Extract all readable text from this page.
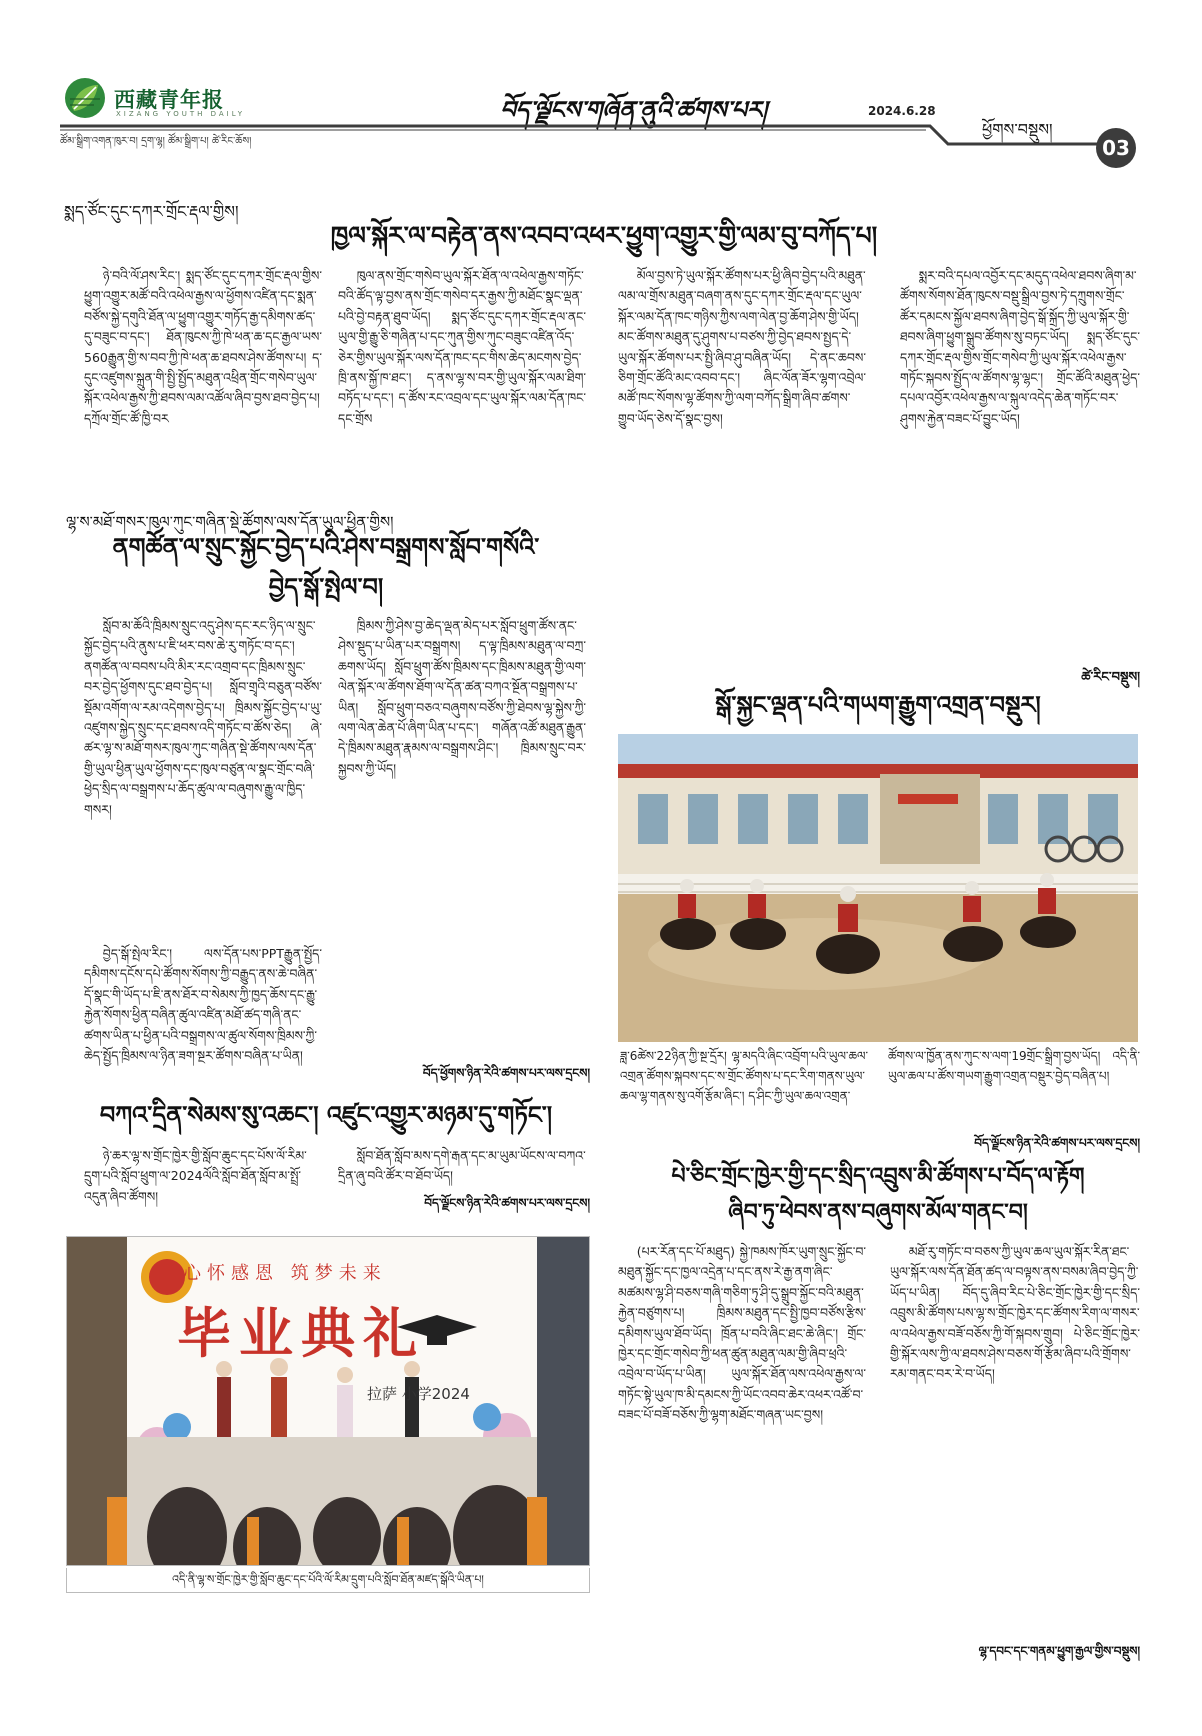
西藏青年报
XIZANG YOUTH DAILY	བོད་ལྗོངས་གཞོན་ནུའི་ཚགས་པར།	2024.6.28
ཕྱོགས་བསྡུས།
ཚོམ་སྒྲིག་འགན་ཁུར་བ། དྲག་ལྷ། ཚོམ་སྒྲིག་པ། ཚེ་རིང་ཆོས།	03
སྨད་ཙོང་དུང་དཀར་གྲོང་རྡལ་གྱིས།
ཁྱལ་སྐོར་ལ་བརྟེན་ནས་འབབ་འཕར་ཕྱུག་འགྱུར་གྱི་ལམ་བུ་བཀོད་པ།

ཉེ་བའི་ལོ་ཤས་རིང་། སྨད་ཙོང་དུང་དཀར་གྲོང་རྡལ་གྱིས་ཕྱུག་འགྱུར་མཚོ་བའི་འཕེལ་རྒྱས་ལ་ཕྱོགས་འཛིན་དང་སྨན་བཙོས་སྐྱེ་དགུའི་ཐོན་ལ་ཕྱུག་འགྱུར་གཏོད་རྒྱ་དམིགས་ཚད་དུ་བཟུང་བ་དང་། ཐོན་ཁུངས་ཀྱི་ཁེ་ཕན་ཆ་དང་རྒྱལ་ཡས་560རྒྱུན་གྱི་ས་བབ་ཀྱི་ཁེ་ཕན་ཆ་ཐབས་ཤེས་ཚོགས་པ། ད་དུང་འཛུགས་སྐྲུན་གི་སྤྱི་སྤྱོད་མཐུན་འཕྲིན་གྲོང་གསེབ་ཡུལ་སྐོར་འཕེལ་རྒྱས་ཀྱི་ཐབས་ལམ་འཚོལ་ཞིབ་བྱས་ཐབ་བྱེད་པ། དཀྲོལ་གྲོང་ཚོ་ཁྱི་བར

ཁུལ་ནས་གྲོང་གསེབ་ཡུལ་སྐོར་ཐོན་ལ་འཕེལ་རྒྱས་གཏོང་བའི་ཚོད་ལྟ་བྱས་ནས་གྲོང་གསེབ་དར་རྒྱས་ཀྱི་མཐོང་སྣང་ལྡན་པའི་བྱེ་བརྟན་ཐུབ་ཡོད། སྨད་ཙོང་དུང་དཀར་གྲོང་རྡལ་ནང་ཡུལ་གྱི་རྒྱུ་ཅི་གཞིན་པ་དང་ཀུན་གྱིས་ཀུང་བཟུང་འཛིན་འོད་ཅེར་གྱིས་ཡུལ་སྐོར་ལས་དོན་ཁང་དང་གིས་ཆེད་མངགས་བྱེད་ཁྲི་ནས་སྐྱོ་ཁ་ཐང་། ད་ནས་ལྷ་ས་བར་གྱི་ཡུལ་སྐོར་ལམ་ཐིག་བཏོད་པ་དང་། ད་ཚོས་རང་འབྲལ་དང་ཡུལ་སྐོར་ལམ་དོན་ཁང་དང་གྲོས

མོལ་བྱས་ཏེ་ཡུལ་སྐོར་ཚོགས་པར་ཕྱི་ཞིབ་བྱེད་པའི་མཐུན་ལམ་ལ་གྲོས་མཐུན་བཞག་ནས་དུང་དཀར་གྲོང་རྡལ་དང་ཡུལ་སྐོར་ལམ་དོན་ཁང་གཉིས་ཀྱིས་ལག་ལེན་བྱ་ཆོག་ཤེས་གྱི་ཡོད། མང་ཚོགས་མཐུན་དུ་ཤུགས་པ་བཙས་ཀྱི་བྱེད་ཐབས་སྤྱད་དེ་ཡུལ་སྐོར་ཚོགས་པར་སྤྱི་ཞིབ་ཤུ་བཞིན་ཡོད། དེ་ནང་ཆབས་ཅིག་གྲོང་ཚོའི་མང་འབབ་དང་། ཞིང་ལོན་ཟོར་ལྷག་འབྲེལ་མཚོ་ཁང་སོགས་ལྷ་ཚོགས་ཀྱི་ལག་བཀོད་སྒྲིག་ཞིབ་ཚགས་གྱུབ་ཡོད་ཅེས་དོ་སྣང་བྱས།

སྨར་བའི་དཔལ་འབྱོར་དང་མདུད་འཕེལ་ཐབས་ཞིག་མ་ཚོགས་སོགས་ཐོན་ཁུངས་བསྡུ་སྒྲིལ་བྱས་ཏེ་དཀྲུགས་གྲོང་ཚོར་དམངས་སྐྱོལ་ཐབས་ཞིག་བྱེད་སྒོ་སྐྲོད་ཀྱི་ཡུལ་སྐོར་གྱི་ཐབས་ཞིག་ཕྱུག་སྒྲུབ་ཚོགས་སུ་བཏང་ཡོད། སྨད་ཙོང་དུང་དཀར་གྲོང་རྡལ་གྱིས་གྲོང་གསེབ་ཀྱི་ཡུལ་སྐོར་འཕེལ་རྒྱས་གཏོང་སྐབས་སྤྱོད་ལ་ཚོགས་ལྷ་ལྷང་། གྲོང་ཚོའི་མཐུན་ཕྱེད་དཔལ་འབྱོར་འཕེལ་རྒྱས་ལ་སྐུལ་འདེད་ཆེན་གཏོང་བར་ཤུགས་རྐྱེན་བཟང་པོ་བྱུང་ཡོད།

ཚེ་རིང་བསྡུས།
ལྷ་ས་མཐོ་གསར་ཁུལ་ཀུང་གཞིན་སྡེ་ཚོགས་ལས་དོན་ཡུལ་ཕྱིན་གྱིས།
ནགཚོན་ལ་སྲུང་སྐྱོང་བྱེད་པའི་ཤེས་བསྒྲགས་སློབ་གསོའི་
བྱེད་སྒོ་སྤེལ་བ།

སློབ་མ་ཆོའི་ཁྲིམས་སྲུང་འདུ་ཤེས་དང་རང་ཉིད་ལ་སྲུང་སྐྱོང་བྱེད་པའི་ནུས་པ་ཇི་ཕར་བས་ཆེ་རུ་གཏོང་བ་དང་། ནགཚོན་ལ་བབས་པའི་མིར་རང་འགྲབ་དང་ཁྲིམས་སྲུང་བར་བྱེད་ཕྱོགས་དུང་ཐབ་བྱེད་པ། སློབ་གྲྭའི་བཅུན་བཙོས་སྡོམ་འགོག་ལ་རམ་འདེགས་བྱེད་པ། ཁྲིམས་སྐྱོང་བྱེད་པ་ཡུ་འཛུགས་སྐྱེད་སྲུང་དང་ཐབས་འདི་གཏོང་བ་ཚོས་ཅེད། ཞེ་ཚར་ལྷ་ས་མཐོ་གསར་ཁུལ་ཀུང་གཞིན་སྡེ་ཚོགས་ལས་དོན་གྱི་ཡུལ་ཕྱིན་ཡུལ་ཕྱོགས་དང་ཁུལ་བཙུན་ལ་སྣང་གྲོང་བཞི་ཕྱེད་སྲིད་ལ་བསྒྲགས་པ་ཆོད་ཚུལ་ལ་བཞུགས་རྒྱུ་ལ་ཁྱིད་གསར།

བྱེད་སྒོ་སྤེལ་རིང་། ལས་དོན་པས་PPTརྒྱུན་སྤྱོད་དམིགས་དངོས་དཔེ་ཚོགས་སོགས་ཀྱི་བརྒྱུད་ནས་ཆེ་བཞིན་དོ་སྣང་གི་ཡོད་པ་ཇི་ནས་ཐོར་བ་སེམས་ཀྱི་ཁྱད་ཆོས་དང་རྒྱུ་རྐྱེན་སོགས་ཕྱིན་བཞིན་ཚུལ་འཛིན་མཐོ་ཚད་གཞི་ནང་ཚགས་ཡིན་པ་ཕྱིན་པའི་བསྒྲགས་ལ་ཚུལ་སོགས་ཁྲིམས་ཀྱི་ཆེད་སྤྱོད་ཁྲིམས་ལ་ཉིན་ཟག་སྔར་ཚོགས་བཞིན་པ་ཡིན།

ཁྲིམས་ཀྱི་ཤེས་བྱ་ཆེད་ལྡན་མེད་པར་སློབ་ཕྲུག་ཚོས་ནང་ཤེས་སྡུད་པ་ཡིན་པར་བསྒྲགས། ད་ལྟ་ཁྲིམས་མཐུན་ལ་བཀྲ་ཆགས་ཡོད། སློབ་ཕྲུག་ཚོས་ཁྲིམས་དང་ཁྲིམས་མཐུན་གྱི་ལག་ལེན་སྐོར་ལ་ཚོགས་ཐོག་ལ་དོན་ཚན་བཀའ་སྔོན་བསྒྲགས་པ་ཡིན། སློབ་ཕྲུག་བཅའ་བཞུགས་བཙོས་ཀྱི་ཐེབས་ལྷ་སྐྱེས་ཀྱི་ལག་ལེན་ཆེན་པོ་ཞིག་ཡིན་པ་དང་། གཞོན་འཚོ་མཐུན་རྒྱུན་དེ་ཁྲིམས་མཐུན་རྣམས་ལ་བསྒྲགས་ཤིང་། ཁྲིམས་སྲུང་བར་སྐྱབས་ཀྱི་ཡོད།

བོད་ཕྱོགས་ཉིན་རེའི་ཚགས་པར་ལས་དྲངས།
སྒོ་སྐྱང་ལྡན་པའི་གཡག་རྒྱུག་འགྲན་བསྡུར།
ཟླ་6ཚེས་22ཉིན་ཀྱི་སྔ་དྲོར། ལྷ་མདའི་ཞིང་འབྲོག་པའི་ཡུལ་ཆལ་འགྲན་ཚོགས་སྐབས་དང་ས་གྲོང་ཚོགས་པ་དང་རིག་གནས་ཡུལ་ཆལ་ལྷ་གནས་སུ་འགོ་རྩོམ་ཞིང་། ད་ཤིང་ཀྱི་ཡུལ་ཆལ་འགྲན་
ཚོགས་ལ་ཁྱོན་ནས་ཀུང་ས་ལག་19གྲོང་སྒྲིག་བྱས་ཡོད། འདི་ནི་ཡུལ་ཆལ་པ་ཚོས་གཡག་རྒྱུག་འགྲན་བསྡུར་བྱེད་བཞིན་པ།
བོད་ལྗོངས་ཉིན་རེའི་ཚགས་པར་ལས་དྲངས།
བཀའ་དྲིན་སེམས་སུ་འཆང་། འཛུང་འགྱུར་མཉམ་དུ་གཏོང་།

ཉེ་ཆར་ལྷ་ས་གྲོང་ཁྱེར་གྱི་སློབ་ཆུང་དང་པོས་ལོ་རིམ་དྲུག་པའི་སློབ་ཕྲུག་ལ་2024ལོའི་སློབ་ཐོན་སློབ་མ་སྤྲོ་འདུན་ཞིབ་ཚོགས།

སློབ་ཐོན་སློབ་མས་དགེ་རྒན་དང་མ་ཡུམ་ཡོངས་ལ་བཀའ་དྲིན་ཞུ་བའི་ཚོར་བ་ཐོབ་ཡོད།

བོད་ལྗོངས་ཉིན་རེའི་ཚགས་པར་ལས་དྲངས།
心怀感恩 筑梦未来
毕业典礼
拉萨 小学2024
འདི་ནི་ལྷ་ས་གྲོང་ཁྱེར་གྱི་སློབ་ཆུང་དང་པོའི་ལོ་རིམ་དྲུག་པའི་སློབ་ཐོན་མཛད་སྒོའི་ཡིན་པ།
པེ་ཅིང་གྲོང་ཁྱེར་གྱི་དང་སྲིད་འབྲུས་མི་ཚོགས་པ་བོད་ལ་རྟོག
ཞིབ་ཏུ་ཕེབས་ནས་བཞུགས་མོལ་གནང་བ།

(པར་རོན་དང་པོ་མཐུད) སྐྱེ་ཁམས་ཁོར་ཡུག་སྲུང་སྐྱོང་བ་མཐུན་སྐྱོང་དང་ཁྱལ་འདྲེན་པ་དང་ནས་རེ་རྒྱ་ནག་ཞིང་མཚམས་ལྷ་ཤི་བཅས་གཞི་གཅིག་ཏུ་ཤི་དུ་སྒྲུབ་སྐྱོང་བའི་མཐུན་རྐྱེན་བཙུགས་པ། ཁྲིམས་མཐུན་དང་སྤྱི་ཁྱབ་བཙོས་རྩིས་དམིགས་ཡུལ་ཐོབ་ཡོད། ཁྲོན་པ་བའི་ཞིང་ཐང་ཆེ་ཞིང་། གྲོང་ཁྱེར་དང་གྲོང་གསེབ་ཀྱི་ཕན་ཚུན་མཐུན་ལམ་གྱི་ཞིབ་ཕྲའི་འབྲེལ་བ་ཡོད་པ་ཡིན། ཡུལ་སྐོར་ཐོན་ལས་འཕེལ་རྒྱས་ལ་གཏོང་སྟེ་ཡུལ་ཁ་མི་དམངས་ཀྱི་ཡོང་འབབ་ཆེར་འཕར་འཚོ་བ་བཟང་པོ་བཟོ་བཅོས་ཀྱི་ལྷག་མཐོང་གཞན་ཡང་བྱས།

མཐོ་རུ་གཏོང་བ་བཅས་ཀྱི་ཡུལ་ཆལ་ཡུལ་སྐོར་རིན་ཐང་ཡུལ་སྐོར་ལས་དོན་ཐོན་ཚད་ལ་བལྟས་ནས་བསམ་ཞིབ་བྱེད་ཀྱི་ཡོད་པ་ཡིན། བོད་དུ་ཞིབ་རིང་པེ་ཅིང་གྲོང་ཁྱེར་གྱི་དང་སྲིད་འབྲུས་མི་ཚོགས་པས་ལྷ་ས་གྲོང་ཁྱེར་དང་ཚོགས་རིག་ལ་གསར་ལ་འཕེལ་རྒྱས་བཟོ་བཅོས་ཀྱི་གོ་སྐབས་གྲུབ། པེ་ཅིང་གྲོང་ཁྱེར་གྱི་སྐོར་ལས་ཀྱི་ལ་ཐབས་ཤེས་བཅས་གོ་རྩོམ་ཞིབ་པའི་གྲོགས་རམ་གནང་བར་རེ་བ་ཡོད།

ལྷ་དབང་དང་གནམ་ཕྱུག་རྒྱལ་གྱིས་བསྡུས།
